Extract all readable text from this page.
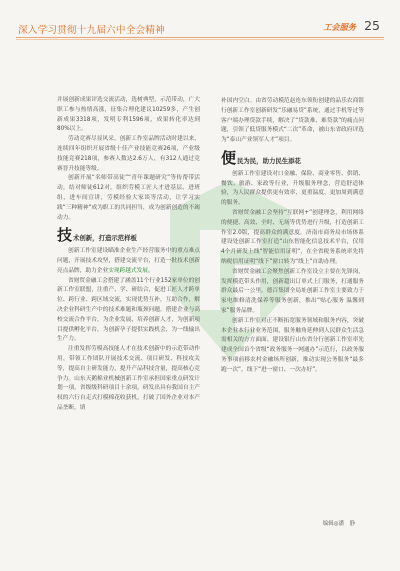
深入学习贯彻十九届六中全会精神	工会服务 25

并展创新成果评选交流活动，选树典型，示范带动，广大职工参与热情高涨，征集合理化建议10259多，产生创新成果3318项，发明专利1596项，成果转化率达到80%以上。

劳动竞赛尽显风采。创新工作室品牌活动时建以来，连续四年组织开展省级十佳产业技能竞赛26项，产业级技能竞赛218项，参赛人数达2.6万人，有312人通过竞赛晋升技能等级。

创新开展“名师带高徒”“青年课题研究”等传帮带活动，结对师徒612对。组织劳模工匠人才进基层、进班组，进车间宣讲，劳模经验大家谈等活动，让学习实践“三种精神”成为职工的共同担当，成为创新创造的不竭动力。

技 术创新，打造示范样板

创新工作室建设瞄准企业生产经营服务中的重点难点问题，开展技术攻坚，搭建交流平台，打造一批技术创新亮点品牌，助力企业实现跨越式发展。

省财贸金融工会搭建了涵盖11个行业152家单位的创新工作室联盟，注重产、学、研结合，促进工匠人才跨单位、跨行业、跨区域交流，实现优势互补，互助合作，解决企业科研生产中的技术难题和瓶颈问题。搭建企业与高校交流合作平台，为企业发展、培养创新人才，为创新项目提供孵化平台，为创新孕子提供实践机会，为一线输出生产力。

注重发挥劳模高技能人才在技术创新中的示范带动作用，带领工作团队开展技术交流、项目研发、科技攻关等，提高自主研发能力，提升产品科技含量，提高核心竞争力。山东天鹅棉业机械创新工作室承担国家重点研发计划一项，省级级科研项目十余项，研发出具有我国自主产权的六行自走式打模棉花收获机，打破了国外企业对本产品垄断，填

补国内空白。由省劳动模范赵连东领衔创建的品乐农商银行创新工作室创新研发“乐融易贷”系统，通过手机等过等客户端办理贷款手续，解决了“贷款难、难贷款”的痛点问题，引领了低贷服务模式“二次”革命，被山东省政府评选为“泰山产业领军人才”项目。

便 民为民，助力民生添花

创新工作室建设对口金融、保险、商业零售、供销、餐饮、旅游、家政等行业，升级服务理念，营造舒适体验，为人民群众提供更有效率、更重温度、更加周到满意的服务。

省财贸金融工会坚持“互联网+”创建理念，利用网络的便捷、高效、全时、无场等优势进行升级，打造创新工作室2.0版，提高群众的满意度。济南市商务局市场体系建设处创新工作室打造“山东智能化信息技术平台，仅用4个月研发上线“智能信用证明”，在全省税务系统率先将纳税信用证明“线下”窗口转为“线上”自助办理。

省财贸金融工会聚焦创新工作室设立主要在先锋岗，发挥模范带头作用，创新超出订单式上门服务，打通服务群众最后一公里。德百集团全局址创新工作室主要致力于家电维修清洗保养等服务创新，推出“贴心服务 温馨到家”服务品牌。

创新工作室对正不断拓宽服务领域和服务内容，突破本企业本行业业务范围，服务触角延伸到人民群众生活急需相关的方方面面。建设银行山东省分行创新工作室率先建成全国首个省级“政务服务一网通办”示范行，以政务服务事项前移农村金融场所创新，推动实现公务服务“最多跑一次”，线下“进一窗口、一次办好”。

编辑◎潘　静
